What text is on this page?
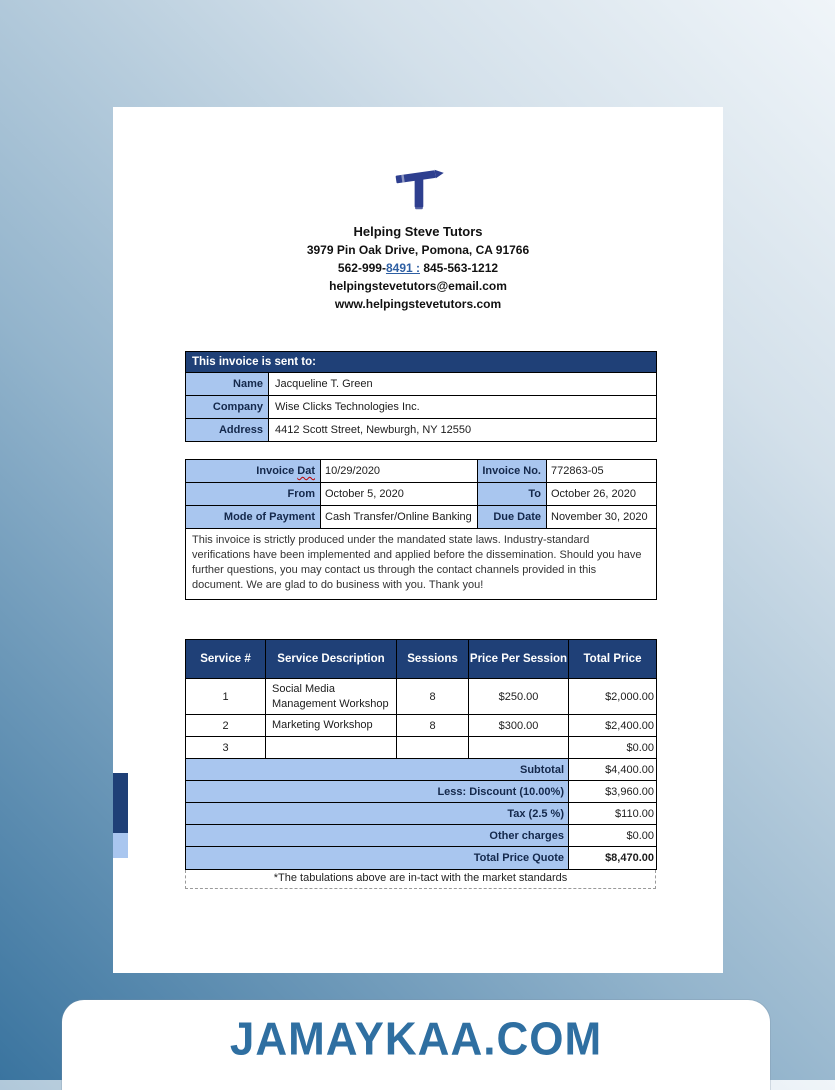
Helping Steve Tutors
3979 Pin Oak Drive, Pomona, CA 91766
562-999-8491 : 845-563-1212
helpingstevetutors@email.com
www.helpingstevetutors.com
This invoice is sent to:	
Name	Jacqueline T. Green
Company	Wise Clicks Technologies Inc.
Address	4412 Scott Street, Newburgh, NY 12550
Invoice Dat	10/29/2020	Invoice No.	772863-05
From	October 5, 2020	To	October 26, 2020
Mode of Payment	Cash Transfer/Online Banking	Due Date	November 30, 2020
This invoice is strictly produced under the mandated state laws. Industry-standard verifications have been implemented and applied before the dissemination. Should you have further questions, you may contact us through the contact channels provided in this document. We are glad to do business with you. Thank you!			
Service #	Service Description	Sessions	Price Per Session	Total Price
1	Social Media Management Workshop	8	$250.00	$2,000.00
2	Marketing Workshop	8	$300.00	$2,400.00
3				$0.00
Subtotal				$4,400.00
Less: Discount (10.00%)				$3,960.00
Tax (2.5 %)				$110.00
Other charges				$0.00
Total Price Quote				$8,470.00
*The tabulations above are in-tact with the market standards
JAMAYKAA.COM
